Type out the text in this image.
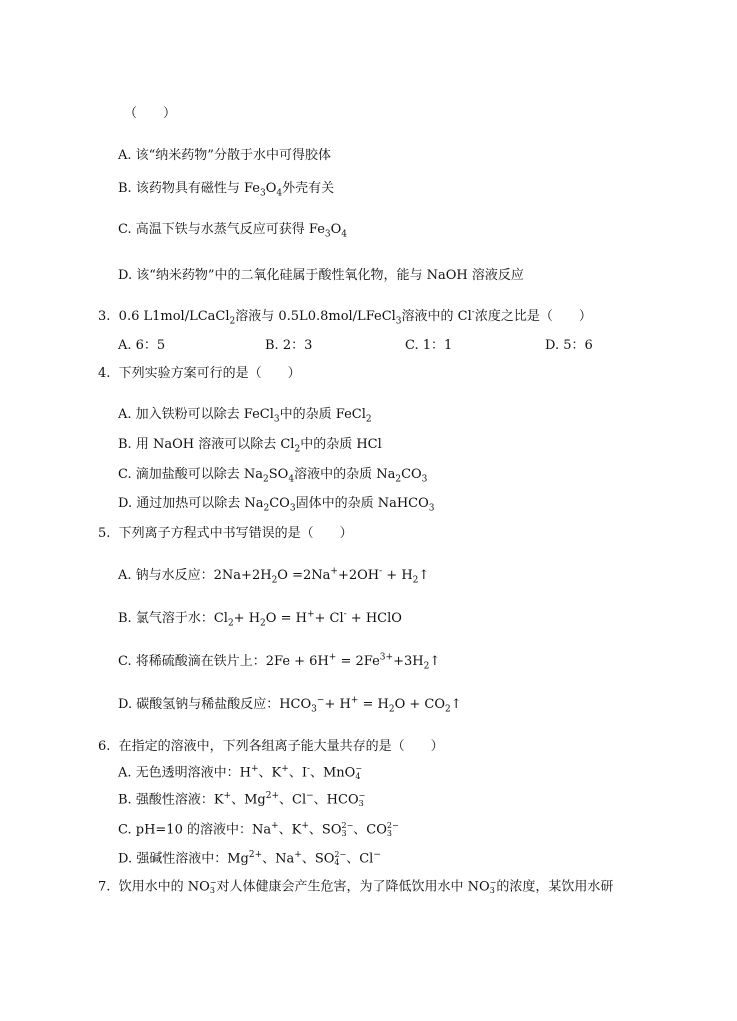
（　　）
A. 该“纳米药物”分散于水中可得胶体
B. 该药物具有磁性与 $Fe_3O_4$外壳有关
C. 高温下铁与水蒸气反应可获得 $Fe_3O_4$
D. 该“纳米药物”中的二氧化硅属于酸性氧化物，能与 NaOH 溶液反应
3. 0.6 L1mol/LCaCl$_2$溶液与 0.5L0.8mol/LFeCl$_3$溶液中的 Cl-浓度之比是（　　）
A. 6：5	B. 2：3	C. 1：1	D. 5：6
4. 下列实验方案可行的是（　　）
A. 加入铁粉可以除去 FeCl$_3$中的杂质 FeCl$_2$
B. 用 NaOH 溶液可以除去 $Cl_2$中的杂质 HCl
C. 滴加盐酸可以除去 $Na_2SO_4$溶液中的杂质 $Na_2CO_3$
D. 通过加热可以除去 $Na_2CO_3$固体中的杂质 NaHCO$_3$
5. 下列离子方程式中书写错误的是（　　）
A. 钠与水反应：$2Na+2H_2O =2Na^++2OH^-$ + $H_2↑$
B. 氯气溶于水：$Cl_2+ H_2O = H^++ Cl^-$ + HClO
C. 将稀硫酸滴在铁片上：$2Fe + 6H^+ = 2Fe^{3+}+3H_2↑$
D. 碳酸氢钠与稀盐酸反应：$HCO_3^-+ H^+ = H_2O$ + $CO_2↑$
6. 在指定的溶液中，下列各组离子能大量共存的是（　　）
A. 无色透明溶液中：H+、K+、I-、MnO −
4
B. 强酸性溶液：K+、$Mg^{2+}$、Cl−、HCO −
3
C. pH=10 的溶液中：Na+、K+、SO 2−
3 、CO 2−
3
D. 强碱性溶液中：$Mg^{2+}$、Na+、SO 2−
4 、Cl−
7. 饮用水中的 NO −
3 对人体健康会产生危害，为了降低饮用水中 NO −
3 的浓度，某饮用水研
